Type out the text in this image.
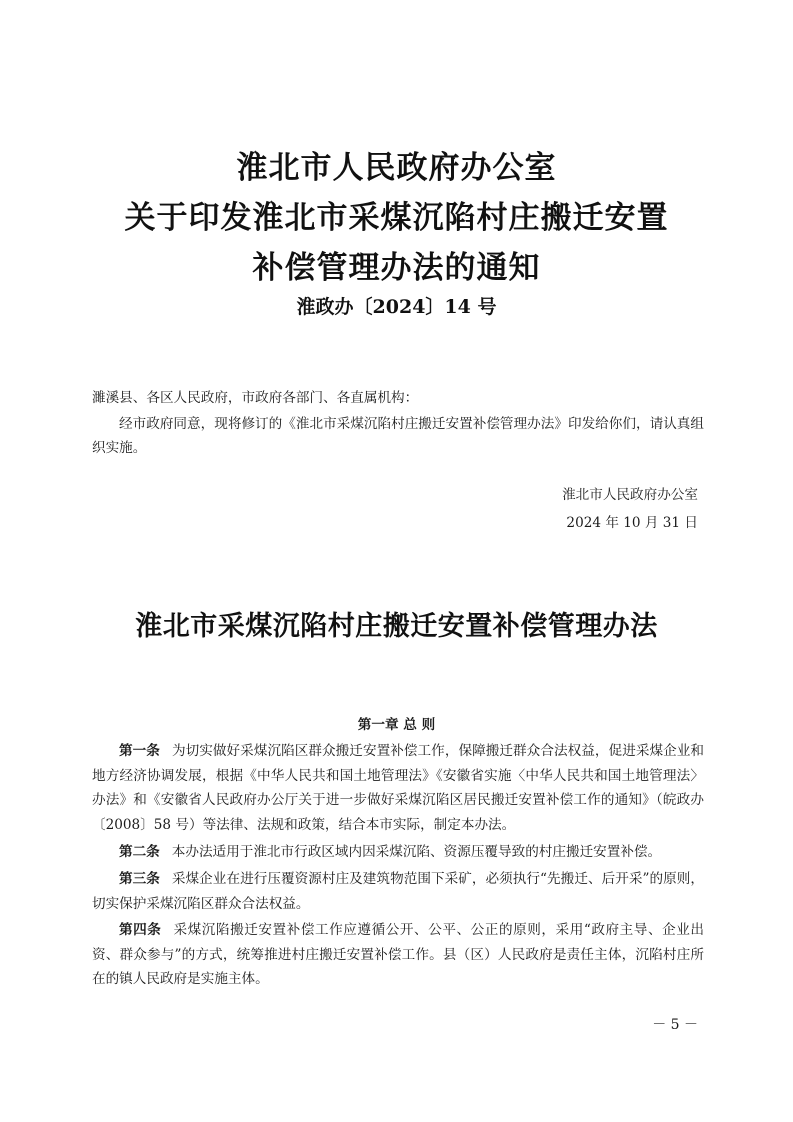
淮北市人民政府办公室
关于印发淮北市采煤沉陷村庄搬迁安置
补偿管理办法的通知
淮政办〔2024〕14 号
濉溪县、各区人民政府，市政府各部门、各直属机构：
经市政府同意，现将修订的《淮北市采煤沉陷村庄搬迁安置补偿管理办法》印发给你们，请认真组织实施。
淮北市人民政府办公室
2024 年 10 月 31 日
淮北市采煤沉陷村庄搬迁安置补偿管理办法
第一章 总 则

第一条 为切实做好采煤沉陷区群众搬迁安置补偿工作，保障搬迁群众合法权益，促进采煤企业和地方经济协调发展，根据《中华人民共和国土地管理法》《安徽省实施〈中华人民共和国土地管理法〉办法》和《安徽省人民政府办公厅关于进一步做好采煤沉陷区居民搬迁安置补偿工作的通知》（皖政办〔2008〕58 号）等法律、法规和政策，结合本市实际，制定本办法。

第二条 本办法适用于淮北市行政区域内因采煤沉陷、资源压覆导致的村庄搬迁安置补偿。

第三条 采煤企业在进行压覆资源村庄及建筑物范围下采矿，必须执行“先搬迁、后开采”的原则，切实保护采煤沉陷区群众合法权益。

第四条 采煤沉陷搬迁安置补偿工作应遵循公开、公平、公正的原则，采用“政府主导、企业出资、群众参与”的方式，统筹推进村庄搬迁安置补偿工作。县（区）人民政府是责任主体，沉陷村庄所在的镇人民政府是实施主体。

－ 5 －
